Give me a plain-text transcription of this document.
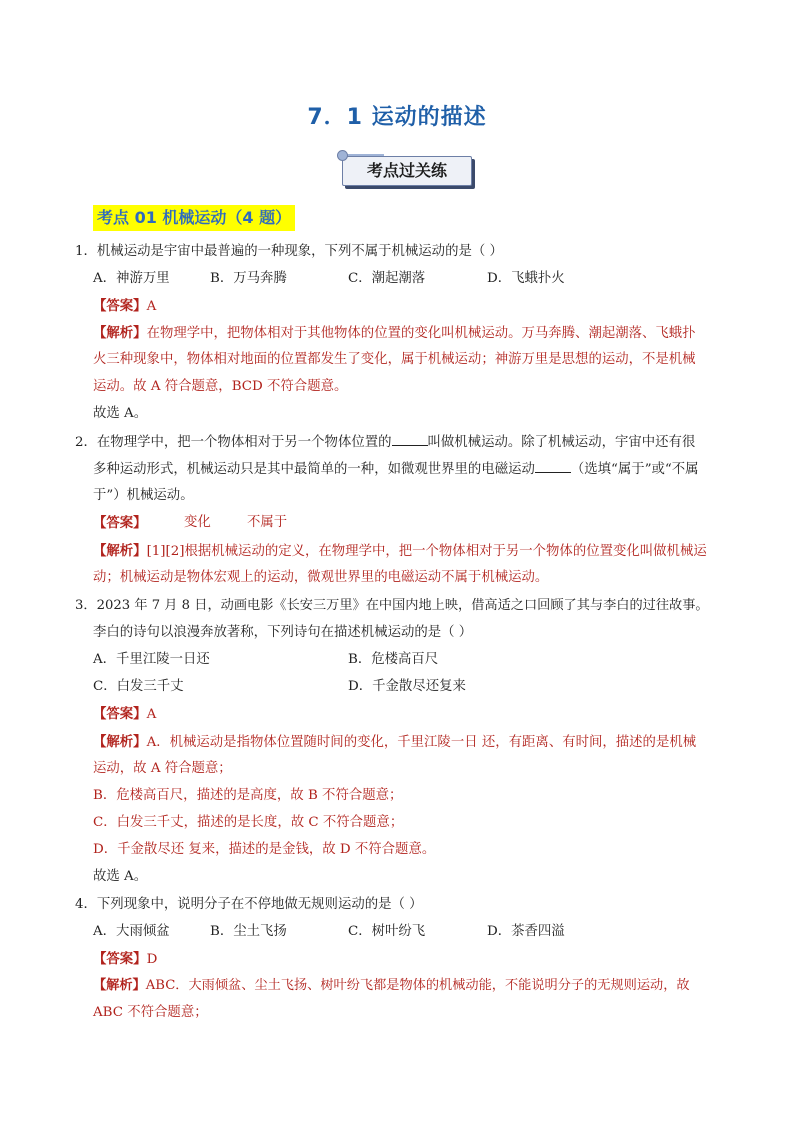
7．1 运动的描述
考点过关练
考点 01 机械运动（4 题）
1．机械运动是宇宙中最普遍的一种现象，下列不属于机械运动的是（ ）
A．神游万里	B．万马奔腾	C．潮起潮落	D．飞蛾扑火
【答案】A
【解析】在物理学中，把物体相对于其他物体的位置的变化叫机械运动。万马奔腾、潮起潮落、飞蛾扑
火三种现象中，物体相对地面的位置都发生了变化，属于机械运动；神游万里是思想的运动，不是机械
运动。故 A 符合题意，BCD 不符合题意。
故选 A。
2．在物理学中，把一个物体相对于另一个物体位置的	叫做机械运动。除了机械运动，宇宙中还有很
多种运动形式，机械运动只是其中最简单的一种，如微观世界里的电磁运动	（选填“属于”或“不属
于”）机械运动。
【答案】	变化	不属于
【解析】[1][2]根据机械运动的定义，在物理学中，把一个物体相对于另一个物体的位置变化叫做机械运
动；机械运动是物体宏观上的运动，微观世界里的电磁运动不属于机械运动。
3．2023 年 7 月 8 日，动画电影《长安三万里》在中国内地上映，借高适之口回顾了其与李白的过往故事。
李白的诗句以浪漫奔放著称，下列诗句在描述机械运动的是（ ）
A．千里江陵一日还	B．危楼高百尺
C．白发三千丈	D．千金散尽还复来
【答案】A
【解析】A．机械运动是指物体位置随时间的变化，千里江陵一日 还，有距离、有时间，描述的是机械
运动，故 A 符合题意；
B．危楼高百尺，描述的是高度，故 B 不符合题意；
C．白发三千丈，描述的是长度，故 C 不符合题意；
D．千金散尽还 复来，描述的是金钱，故 D 不符合题意。
故选 A。
4．下列现象中，说明分子在不停地做无规则运动的是（ ）
A．大雨倾盆	B．尘土飞扬	C．树叶纷飞	D．茶香四溢
【答案】D
【解析】ABC．大雨倾盆、尘土飞扬、树叶纷飞都是物体的机械动能，不能说明分子的无规则运动，故
ABC 不符合题意；
